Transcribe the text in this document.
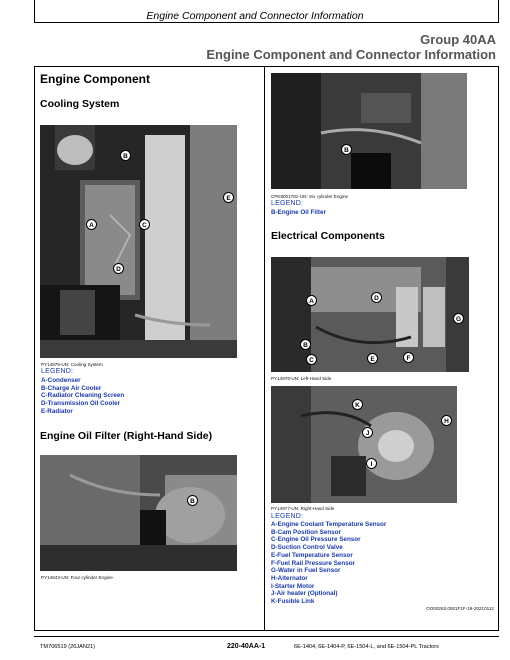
Engine Component and Connector Information
Group 40AA
Engine Component and Connector Information
Engine Component
Cooling System
B
A	C
E
D
PY14975-UN: Cooling System
LEGEND:
A-Condenser
B-Charge Air Cooler
C-Radiator Cleaning Screen
D-Transmission Oil Cooler
E-Radiator
Engine Oil Filter (Right-Hand Side)
B
PY14643-UN: Four cylinder Engine
B
CPK8001781-UN: Six cylinder Engine
LEGEND:
B-Engine Oil Filter
Electrical Components
A	D
G
B
C	E	F
PY14976-UN: Left-Hand Side
K
H
J
I
PY14977-UN: Right-Hand Side
LEGEND:
A-Engine Coolant Temperature Sensor
B-Cam Position Sensor
C-Engine Oil Pressure Sensor
D-Suction Control Valve
E-Fuel Temperature Sensor
F-Fuel Rail Pressure Sensor
G-Water in Fuel Sensor
H-Alternator
I-Starter Motor
J-Air heater (Optional)
K-Fusible Link
OO00263,0001F1F-19-20210112
TM706519 (26JAN21)	220-40AA-1	6E-1404, 6E-1404-P, 6E-1504-L, and 6E-1504-PL Tractors
